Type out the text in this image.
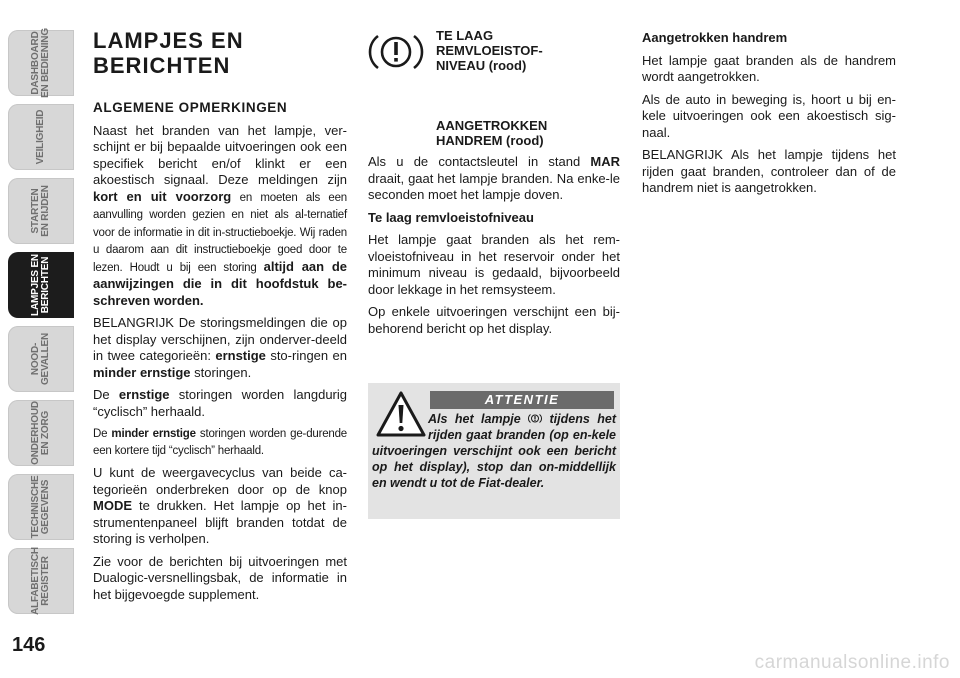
DASHBOARD
EN BEDIENING
VEILIGHEID
STARTEN
EN RIJDEN
LAMPJES EN
BERICHTEN
NOOD-
GEVALLEN
ONDERHOUD
EN ZORG
TECHNISCHE
GEGEVENS
ALFABETISCH
REGISTER
146
LAMPJES EN
BERICHTEN
ALGEMENE OPMERKINGEN

Naast het branden van het lampje, ver-schijnt er bij bepaalde uitvoeringen ook een specifiek bericht en/of klinkt er een akoestisch signaal. Deze meldingen zijn kort en uit voorzorg en moeten als een aanvulling worden gezien en niet als al-ternatief voor de informatie in dit in-structieboekje. Wij raden u daarom aan dit instructieboekje goed door te lezen. Houdt u bij een storing altijd aan de aanwijzingen die in dit hoofdstuk be-schreven worden.

BELANGRIJK De storingsmeldingen die op het display verschijnen, zijn onderver-deeld in twee categorieën: ernstige sto-ringen en minder ernstige storingen.

De ernstige storingen worden langdurig “cyclisch” herhaald.

De minder ernstige storingen worden ge-durende een kortere tijd “cyclisch” herhaald.

U kunt de weergavecyclus van beide ca-tegorieën onderbreken door op de knop MODE te drukken. Het lampje op het in-strumentenpaneel blijft branden totdat de storing is verholpen.

Zie voor de berichten bij uitvoeringen met Dualogic-versnellingsbak, de informatie in het bijgevoegde supplement.

TE LAAG
REMVLOEISTOF-
NIVEAU (rood)
AANGETROKKEN
HANDREM (rood)

Als u de contactsleutel in stand MAR draait, gaat het lampje branden. Na enke-le seconden moet het lampje doven.

Te laag remvloeistofniveau

Het lampje gaat branden als het rem-vloeistofniveau in het reservoir onder het minimum niveau is gedaald, bijvoorbeeld door lekkage in het remsysteem.

Op enkele uitvoeringen verschijnt een bij-behorend bericht op het display.

ATTENTIE
Als het lampje  tijdens het rijden gaat branden (op en-kele uitvoeringen verschijnt ook een bericht op het display), stop dan on-middellijk en wendt u tot de Fiat-dealer.
Aangetrokken handrem

Het lampje gaat branden als de handrem wordt aangetrokken.

Als de auto in beweging is, hoort u bij en-kele uitvoeringen ook een akoestisch sig-naal.

BELANGRIJK Als het lampje tijdens het rijden gaat branden, controleer dan of de handrem niet is aangetrokken.

carmanualsonline.info
